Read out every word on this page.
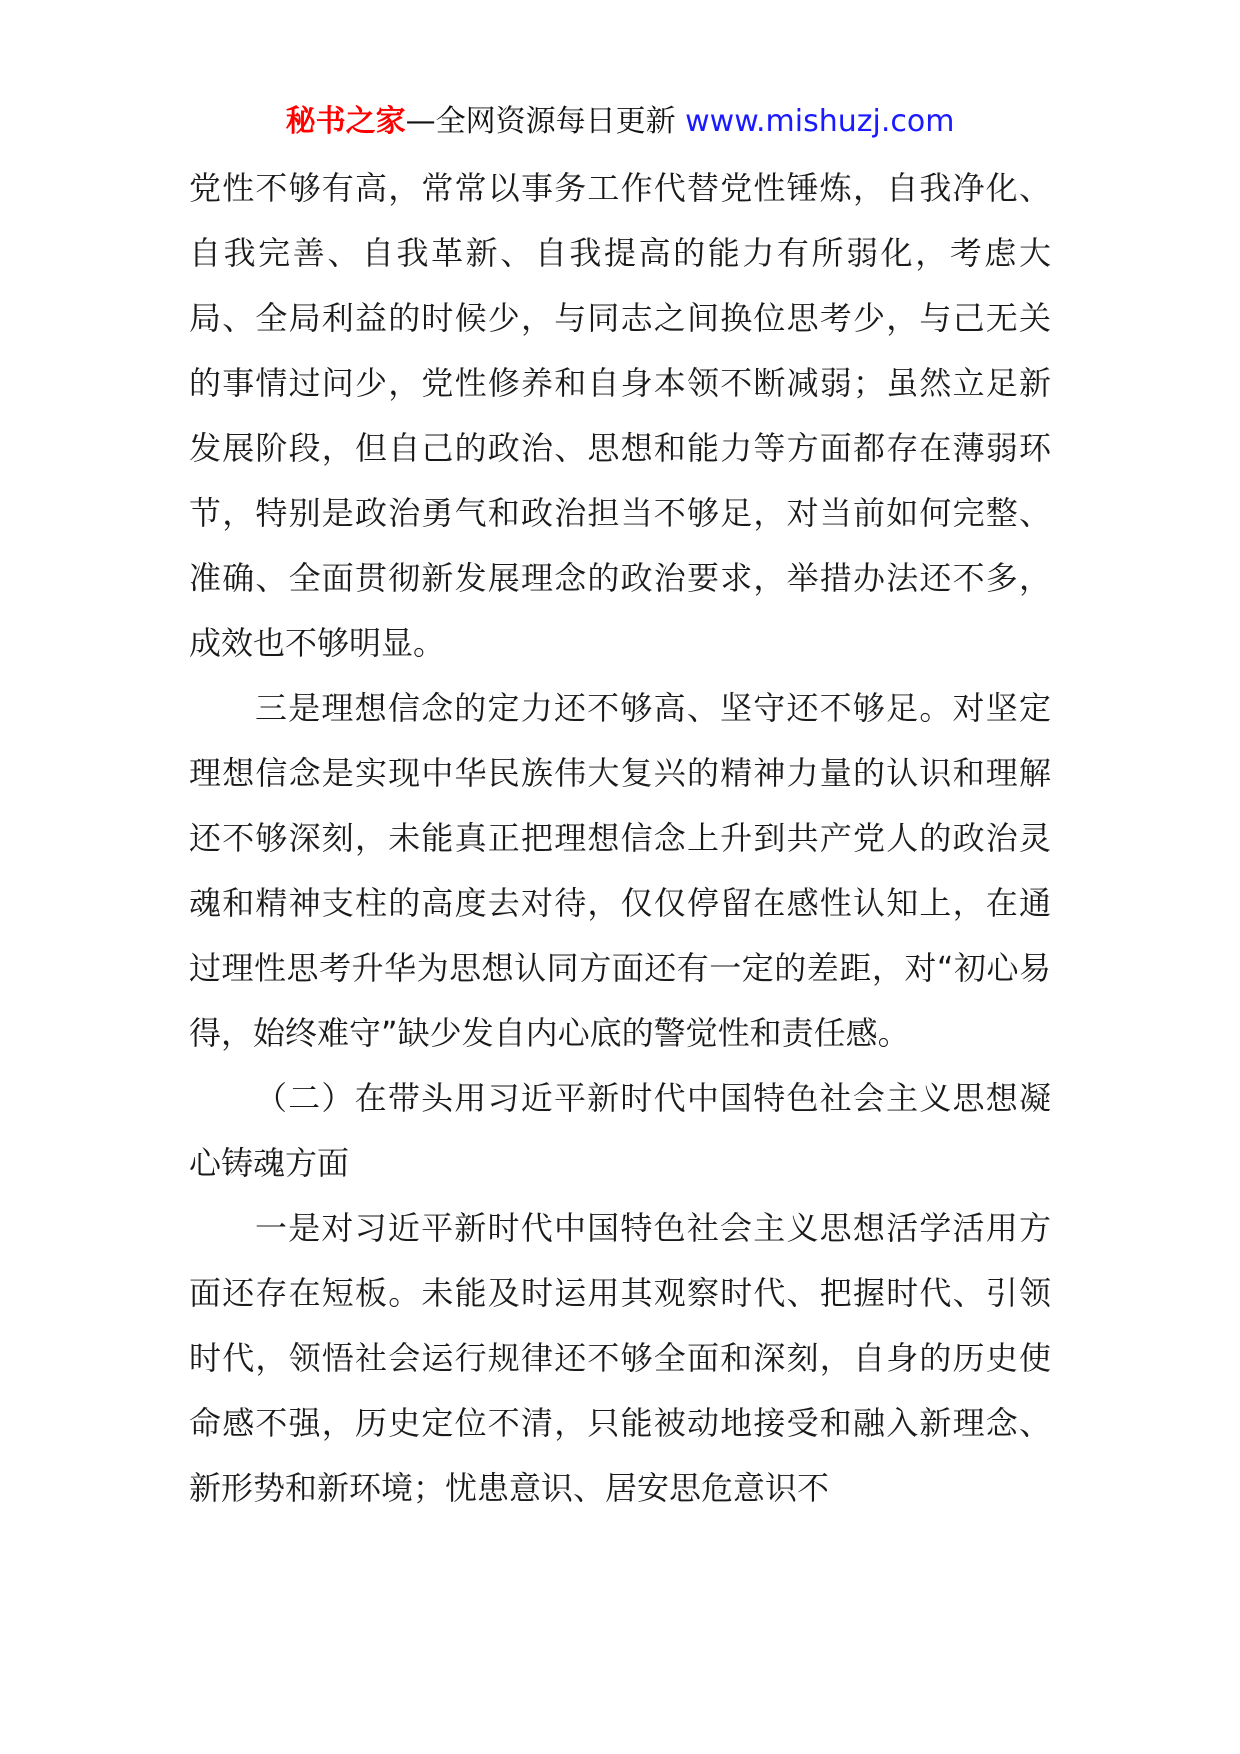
秘书之家—全网资源每日更新 www.mishuzj.com

党性不够有高，常常以事务工作代替党性锤炼，自我净化、自我完善、自我革新、自我提高的能力有所弱化，考虑大局、全局利益的时候少，与同志之间换位思考少，与己无关的事情过问少，党性修养和自身本领不断减弱；虽然立足新发展阶段，但自己的政治、思想和能力等方面都存在薄弱环节，特别是政治勇气和政治担当不够足，对当前如何完整、准确、全面贯彻新发展理念的政治要求，举措办法还不多，成效也不够明显。

三是理想信念的定力还不够高、坚守还不够足。对坚定理想信念是实现中华民族伟大复兴的精神力量的认识和理解还不够深刻，未能真正把理想信念上升到共产党人的政治灵魂和精神支柱的高度去对待，仅仅停留在感性认知上，在通过理性思考升华为思想认同方面还有一定的差距，对“初心易得，始终难守”缺少发自内心底的警觉性和责任感。

（二）在带头用习近平新时代中国特色社会主义思想凝心铸魂方面

一是对习近平新时代中国特色社会主义思想活学活用方面还存在短板。未能及时运用其观察时代、把握时代、引领时代，领悟社会运行规律还不够全面和深刻，自身的历史使命感不强，历史定位不清，只能被动地接受和融入新理念、新形势和新环境；忧患意识、居安思危意识不
